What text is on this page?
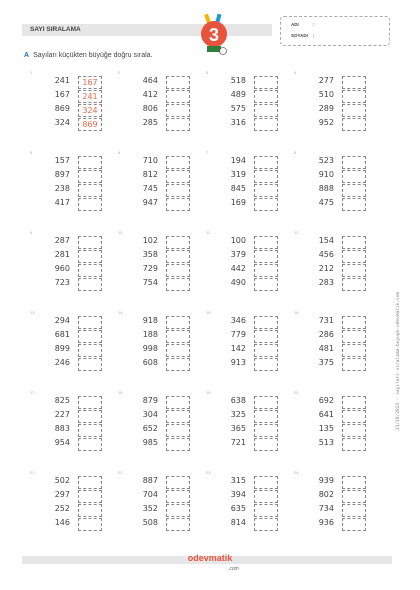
SAYI SIRALAMA	3
ADI	:
SOYADI :
A Sayıları küçükten büyüğe doğru sırala.
21/10/2024 - sayilari-siralama-buyuge-odevmatik.com
1
241	167
167	241
869	324
324	869
2
464
412
806
285
3
518
489
575
316
4
277
510
289
952
5
157
897
238
417
6
710
812
745
947
7
194
319
845
169
8
523
910
888
475
9
287
281
960
723
10
102
358
729
754
11
100
379
442
490
12
154
456
212
283
13
294
681
899
246
14
918
188
998
608
15
346
779
142
913
16
731
286
481
375
17
825
227
883
954
18
879
304
652
985
19
638
325
365
721
20
692
641
135
513
21
502
297
252
146
22
887
704
352
508
23
315
394
635
814
24
939
802
734
936
odevmatik
.com
